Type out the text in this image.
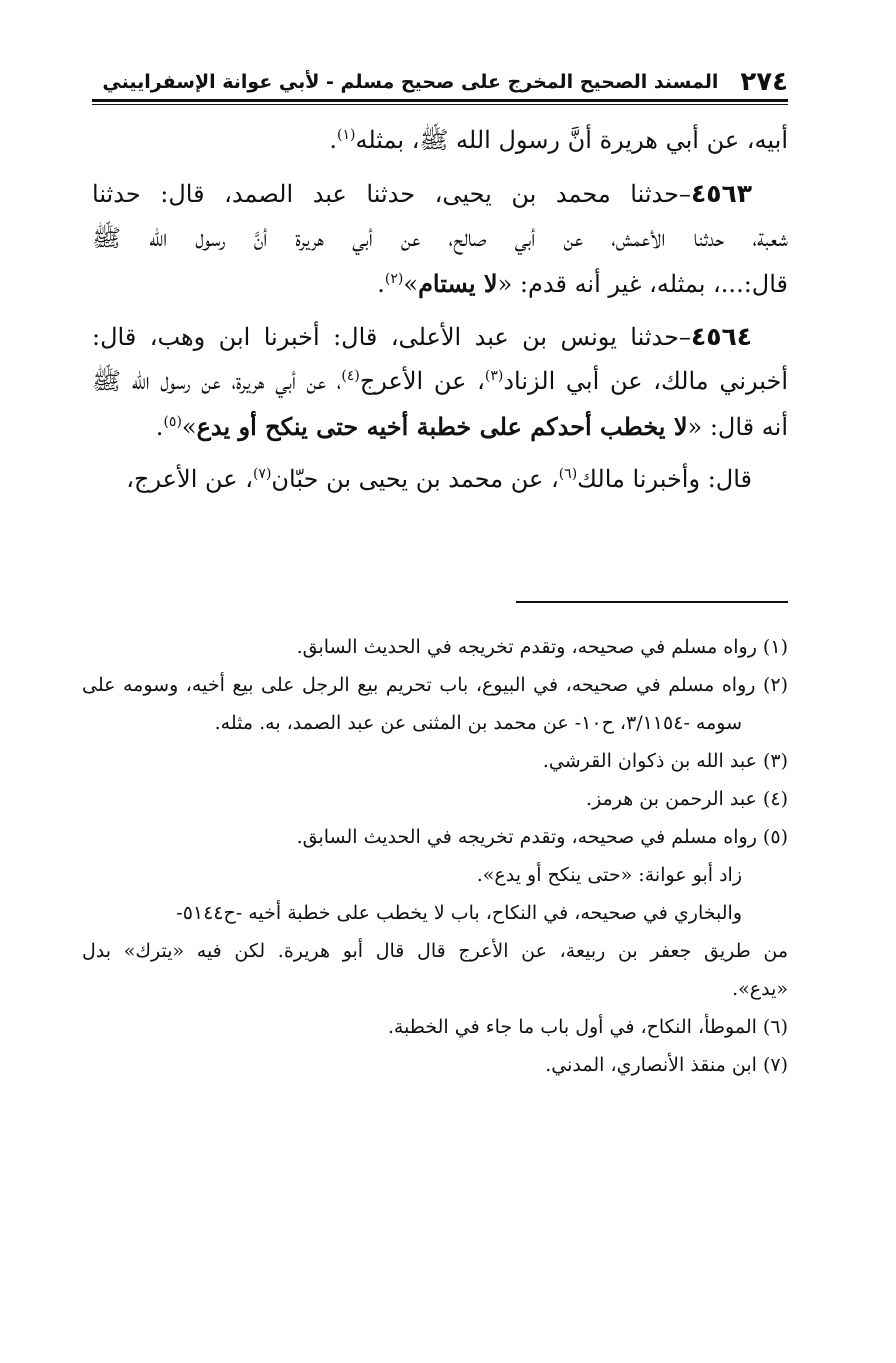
٢٧٤
المسند الصحيح المخرج على صحيح مسلم - لأبي عوانة الإسفراييني
أبيه، عن أبي هريرة أنَّ رسول الله ﷺ، بمثله$^{(١)}$.
٤٥٦٣–حدثنا محمد بن يحيى، حدثنا عبد الصمد، قال: حدثنا
شعبة، حدثنا الأعمش، عن أبي صالح، عن أبي هريرة أنَّ رسول الله ﷺ
قال:...، بمثله، غير أنه قدم: «لا يستام»$^{(٢)}$.
٤٥٦٤–حدثنا يونس بن عبد الأعلى، قال: أخبرنا ابن وهب، قال:
أخبرني مالك، عن أبي الزناد$^{(٣)}$، عن الأعرج$^{(٤)}$، عن أبي هريرة، عن رسول الله ﷺ
أنه قال: «لا يخطب أحدكم على خطبة أخيه حتى ينكح أو يدع»$^{(٥)}$.
قال: وأخبرنا مالك$^{(٦)}$، عن محمد بن يحيى بن حبّان$^{(٧)}$، عن الأعرج،
(١) رواه مسلم في صحيحه، وتقدم تخريجه في الحديث السابق.
(٢) رواه مسلم في صحيحه، في البيوع، باب تحريم بيع الرجل على بيع أخيه، وسومه على
سومه -٣/١١٥٤، ح١٠- عن محمد بن المثنى عن عبد الصمد، به. مثله.
(٣) عبد الله بن ذكوان القرشي.
(٤) عبد الرحمن بن هرمز.
(٥) رواه مسلم في صحيحه، وتقدم تخريجه في الحديث السابق.
زاد أبو عوانة: «حتى ينكح أو يدع».
والبخاري في صحيحه، في النكاح، باب لا يخطب على خطبة أخيه -ح٥١٤٤-
من طريق جعفر بن ربيعة، عن الأعرج قال قال أبو هريرة. لكن فيه «يترك» بدل
«يدع».
(٦) الموطأ، النكاح، في أول باب ما جاء في الخطبة.
(٧) ابن منقذ الأنصاري، المدني.
